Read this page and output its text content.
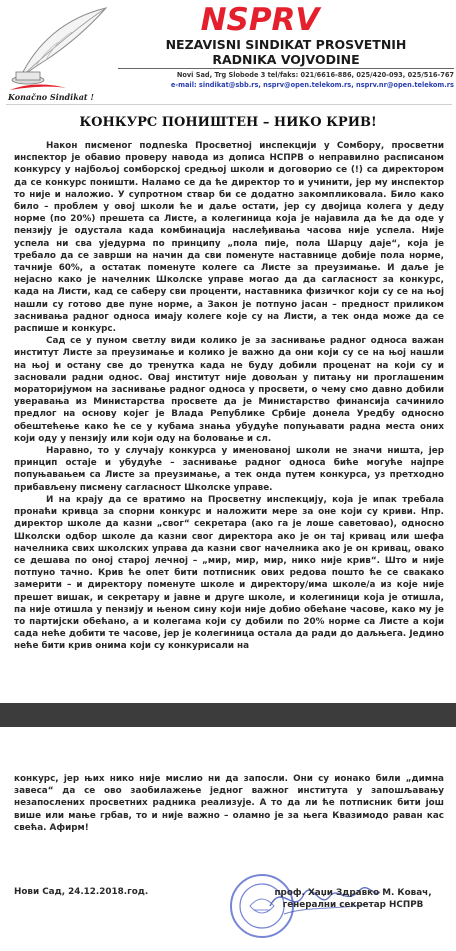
Konačno Sindikat !
NSPRV
NEZAVISNI SINDIKAT PROSVETNIH
RADNIKA VOJVODINE
Novi Sad, Trg Slobode 3 tel/faks: 021/6616-886, 025/420-093, 025/516-767
e-mail: sindikat@sbb.rs, nsprv@open.telekom.rs, nsprv.nr@open.telekom.rs
КОНКУРС ПОНИШТЕН – НИКО КРИВ!

Након писменог подneska Просветној инспекцији у Сомбору, просветни инспектор је обавио проверу навода из дописа НСПРВ о неправилно расписаном конкурсу у најбољој сомборској средњој школи и договорио се (!) са директором да се конкурс поништи. Наламо се да ће директор то и учинити, јер му инспектор то није и наложио. У супротном ствар би се додатно закомпликовала. Било како било – проблем у овој школи ће и даље остати, јер су двојица колега у деду норме (по 20%) прешета са Листе, а колегиница која је најавила да ће да оде у пензију је одустала када комбинација наслеђивања часова није успела. Није успела ни сва уједурма по принципу „пола пије, пола Шарцу даје“, која је требало да се заврши на начин да сви поменуте наставнице добије пола норме, тачније 60%, а остатак поменуте колеге са Листе за преузимање. И даље је нејасно како је начелник Школске управе могао да да сагласност за конкурс, када на Листи, кад се саберу сви проценти, наставника физичког који су се на њој нашли су готово две пуне норме, а Закон је потпуно јасан – предност приликом заснивања радног односа имају колеге које су на Листи, а тек онда може да се распише и конкурс.

Сад се у пуном светлу види колико је за заснивање радног односа важан институт Листе за преузимање и колико је важно да они који су се на њој нашли на њој и остану све до тренутка када не буду добили проценат на који су и засновали радни однос. Овај институт није довољан у питању ни проглашеним мораторијумом на заснивање радног односа у просвети, о чему смо давно добили уверавања из Министарства просвете да је Министарство финансија сачинило предлог на основу којег је Влада Републике Србије донела Уредбу односно обештећење како ће се у кубама знања убудуће попуњавати радна места оних који оду у пензију или који оду на боловање и сл.

Наравно, то у случају конкурса у именованој школи не значи ништа, јер принцип остаје и убудуће – заснивање радног односа биће могуће најпре попуњавањем са Листе за преузимање, а тек онда путем конкурса, уз претходно прибављену писмену сагласност Школске управе.

И на крају да се вратимо на Просветну инспекцију, која је ипак требала пронаћи кривца за спорни конкурс и наложити мере за оне који су криви. Нпр. директор школе да казни „свог“ секретара (ако га је лоше саветовао), односно Школски одбор школе да казни свог директора ако је он тај кривац или шефа начелника свих школских управа да казни свог начелника ако је он кривац, овако се дешава по оној старој лечној – „мир, мир, мир, нико није крив“. Што и није потпуно тачно. Крив ће опет бити потписник ових редова пошто ће се свакако замерити – и директору поменуте школе и директору/има школе/а из које није прешет вишак, и секретару и јавне и друге школе, и колегиници која је отишла, па није отишла у пензију и њеном сину који није добио обећане часове, како му је то партијски обећано, а и колегама који су добили по 20% норме са Листе а који сада неће добити те часове, јер је колегиница остала да ради до даљњега. Јединo неће бити крив онима који су конкурисали на

конкурс, јер њих нико није мислио ни да запосли. Они су ионако били „димна завеса“ да се ово заобилажење једног важног института у запошљавању незапослених просветних радника реализује. А то да ли ће потписник бити још више или мање грбав, то и није важно – оламно је за њега Квазимодо раван кас свећа. Афирм!

Нови Сад, 24.12.2018.год.	проф. Хаџи Здравко М. Ковач,
генерални секретар НСПРВ
